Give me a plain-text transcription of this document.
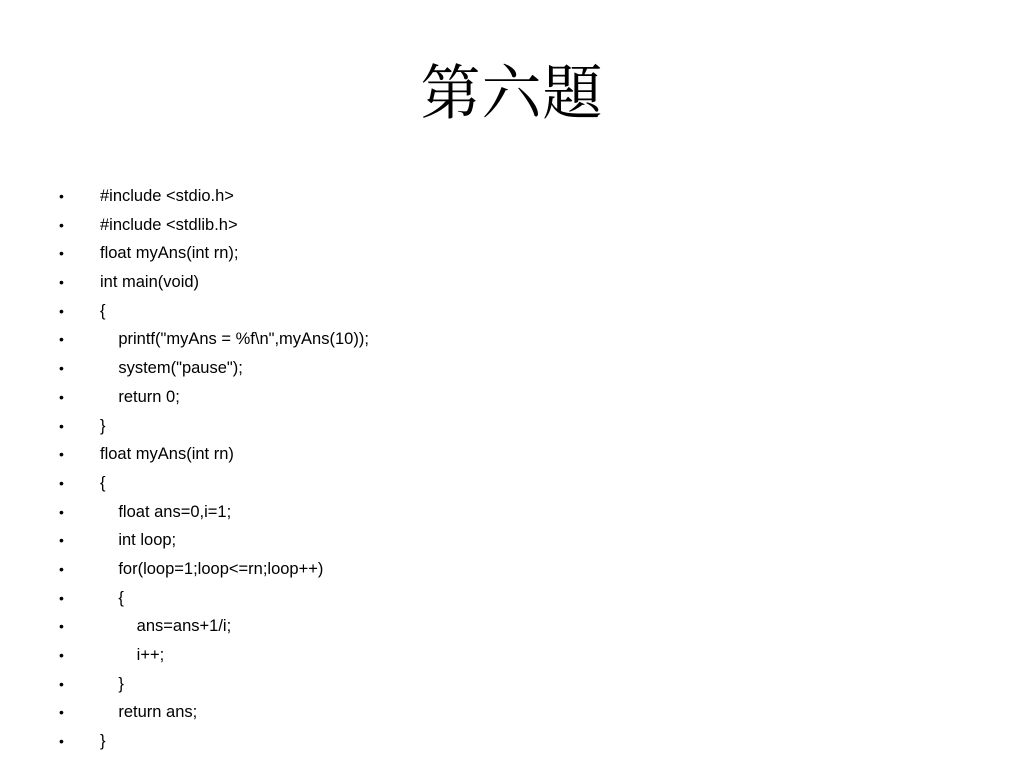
第六題
• #include <stdio.h>
• #include <stdlib.h>
• float myAns(int rn);
• int main(void)
• {
• printf("myAns = %f\n",myAns(10));
• system("pause");
• return 0;
• }
• float myAns(int rn)
• {
• float ans=0,i=1;
• int loop;
• for(loop=1;loop<=rn;loop++)
• {
• ans=ans+1/i;
• i++;
• }
• return ans;
• }
